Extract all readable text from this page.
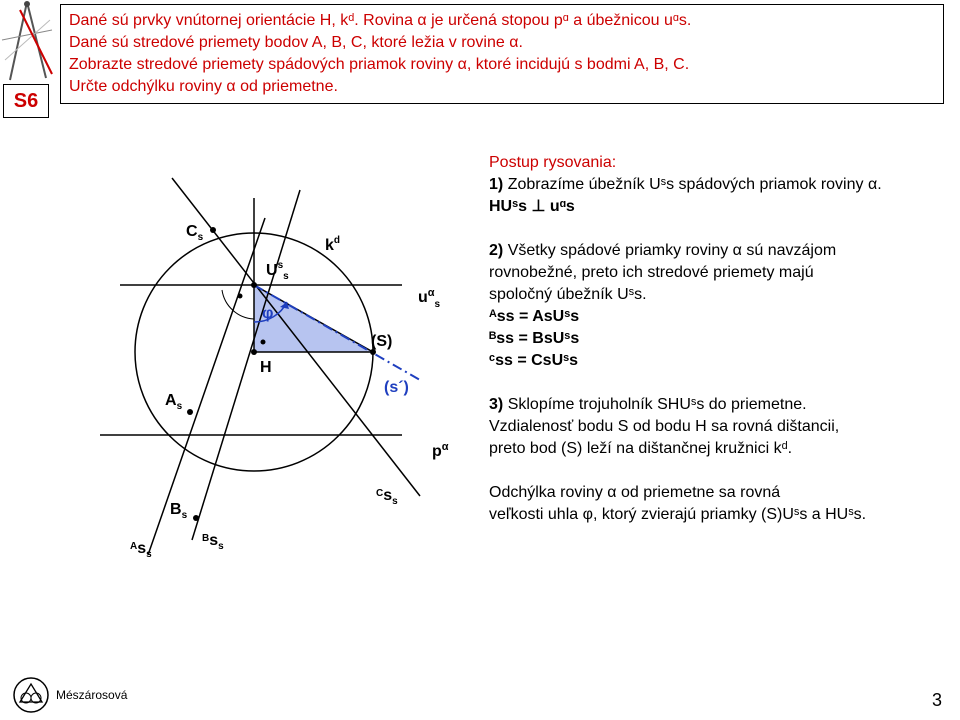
S6
Dané sú prvky vnútornej orientácie H, kᵈ. Rovina α je určená stopou pᵅ a úbežnicou uᵅs.
Dané sú stredové priemety bodov A, B, C, ktoré ležia v rovine α.
Zobrazte stredové priemety spádových priamok roviny α, ktoré incidujú s bodmi A, B, C.
Určte odchýlku roviny α od priemetne.
$C_s$	$k^d$
$U^s_s$
$u^\alpha_s$
φ
(S)
H
(s´)
$A_s$
$p^\alpha$
$^Cs_s$
$B_s$
$^As_s$
$^Bs_s$
Postup rysovania:
1) Zobrazíme úbežník Uˢs spádových priamok roviny α.
HUˢs ⊥ uᵅs
2) Všetky spádové priamky roviny α sú navzájom
rovnobežné, preto ich stredové priemety majú
spoločný úbežník Uˢs.
ᴬss = AsUˢs
ᴮss = BsUˢs
ᶜss = CsUˢs
3) Sklopíme trojuholník SHUˢs do priemetne.
Vzdialenosť bodu S od bodu H sa rovná dištancii,
preto bod (S) leží na dištančnej kružnici kᵈ.
Odchýlka roviny α od priemetne sa rovná
veľkosti uhla φ, ktorý zvierajú priamky (S)Uˢs a HUˢs.
Mészárosová	3
